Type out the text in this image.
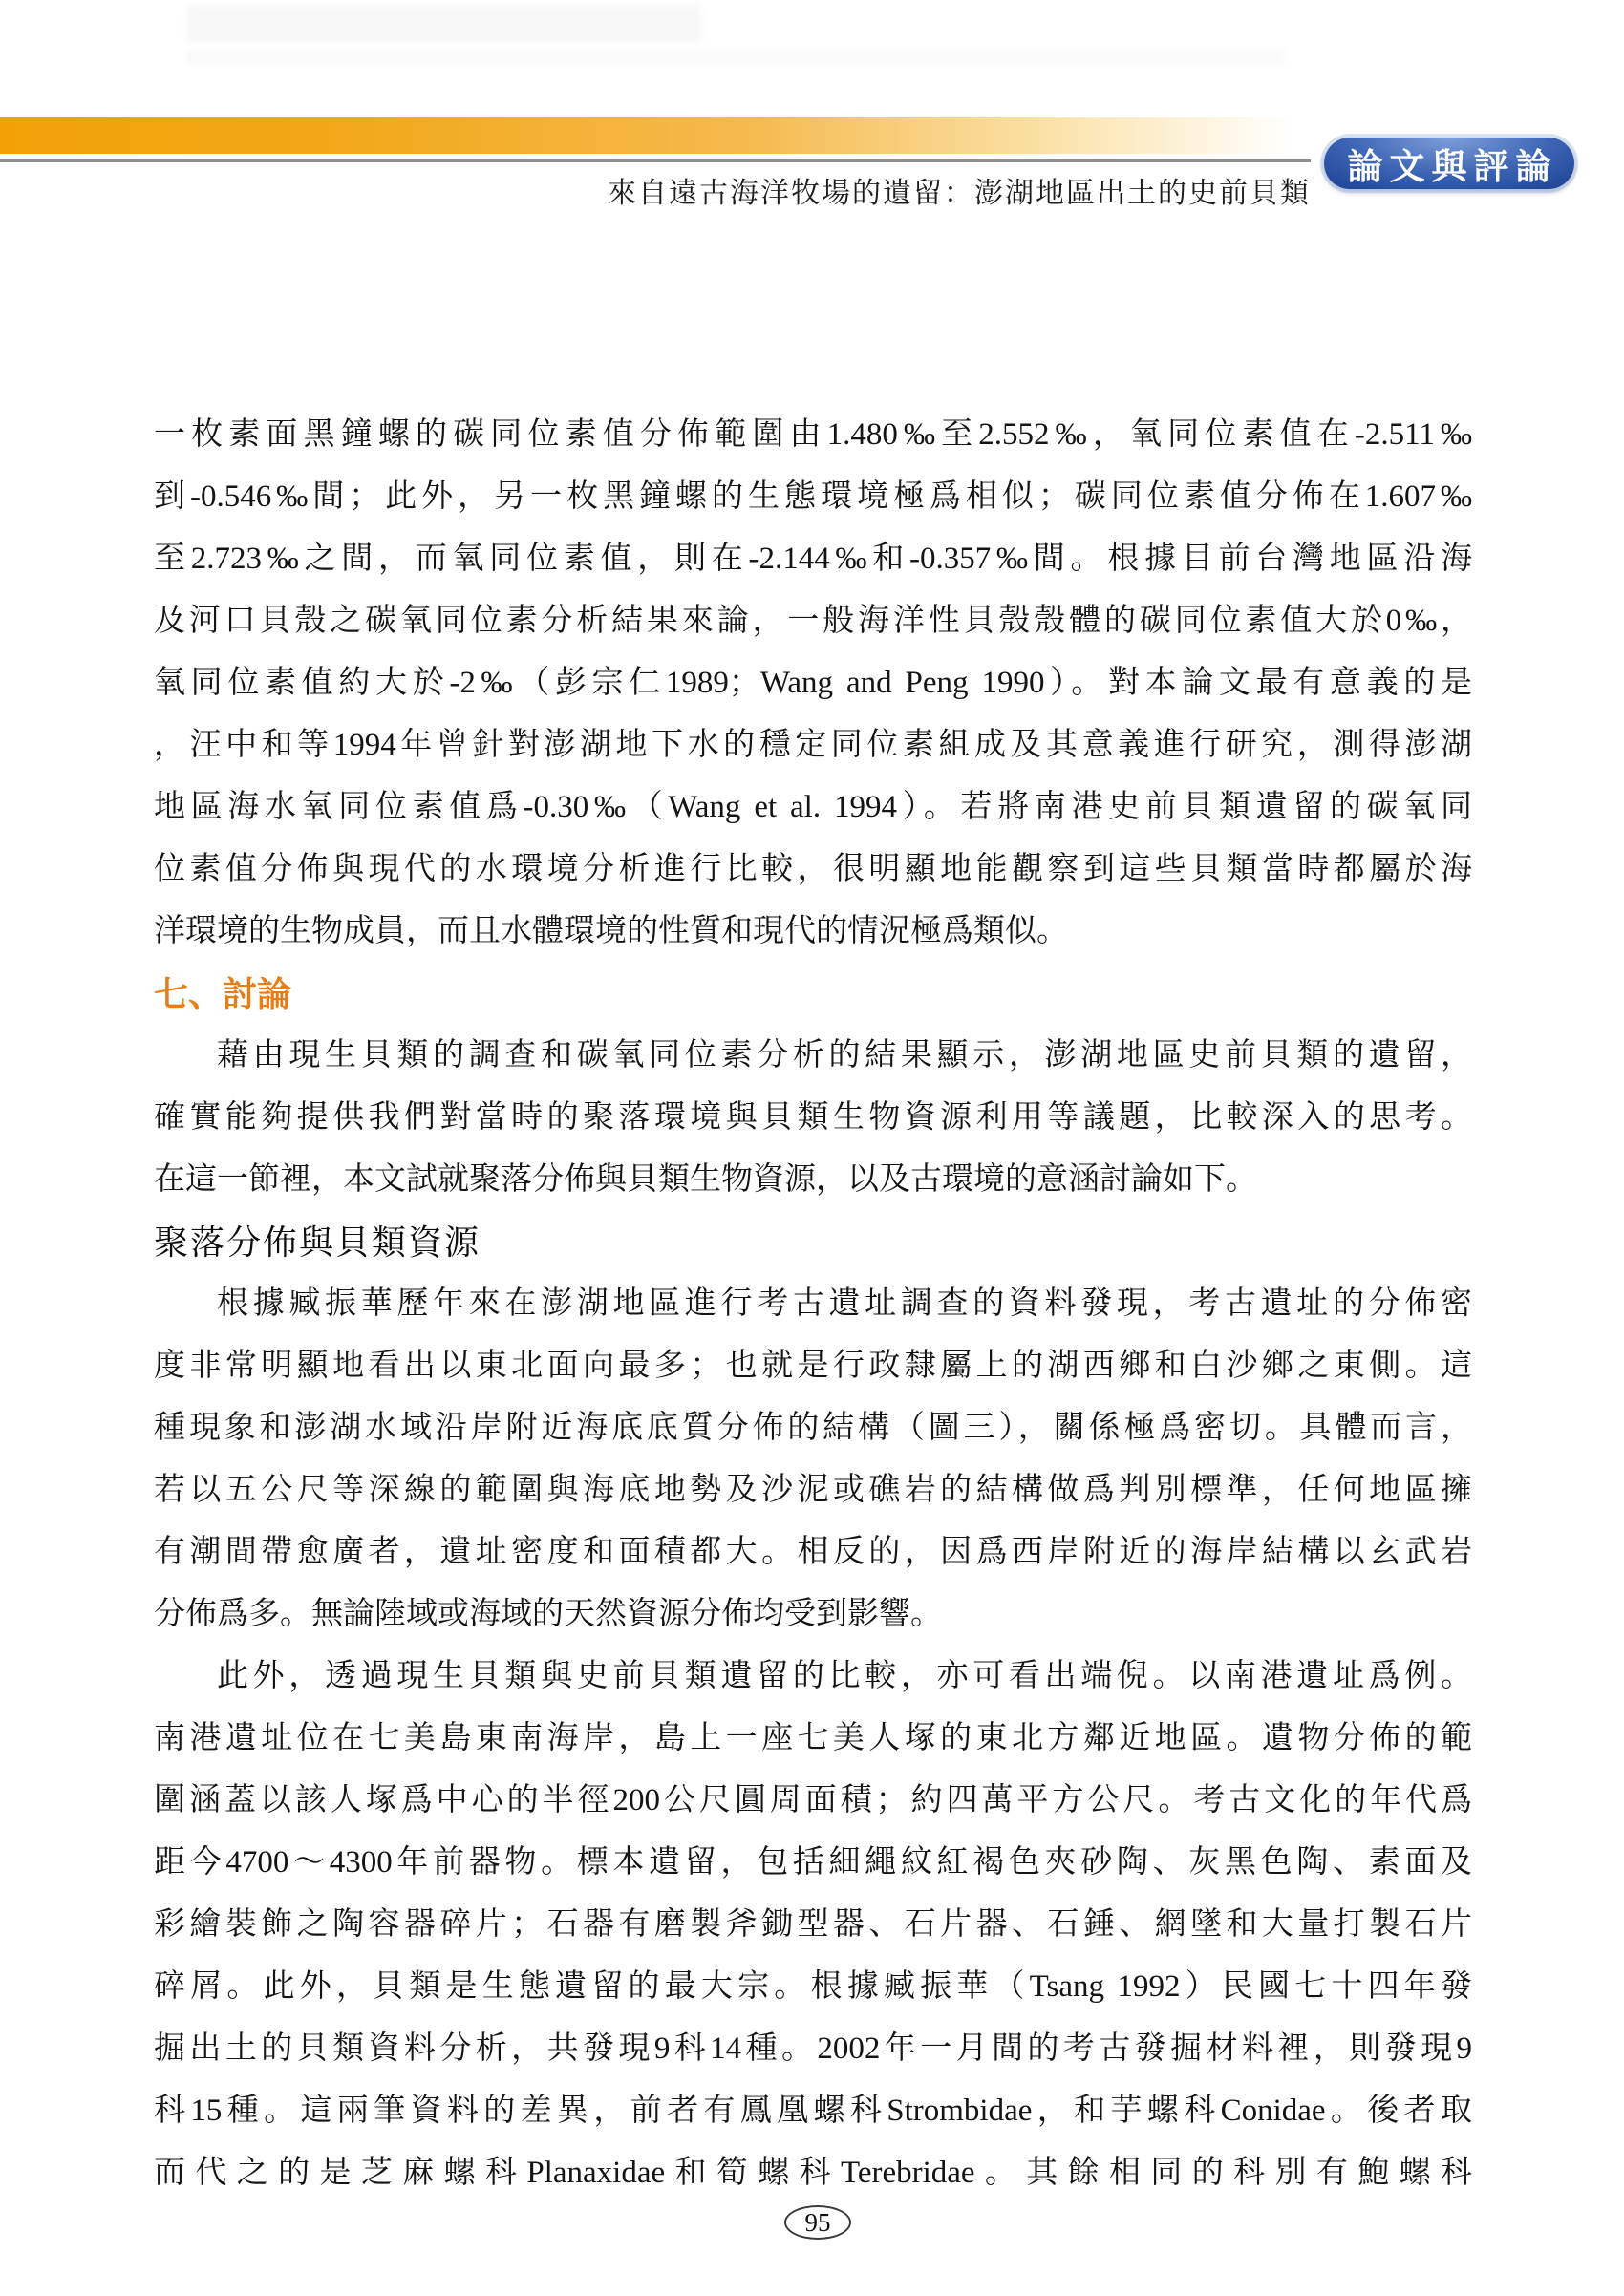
來自遠古海洋牧場的遺留：澎湖地區出土的史前貝類
論文與評論
一枚素面黑鐘螺的碳同位素值分佈範圍由1.480‰至2.552‰，氧同位素值在-2.511‰
到-0.546‰間；此外，另一枚黑鐘螺的生態環境極爲相似；碳同位素值分佈在1.607‰
至2.723‰之間，而氧同位素值，則在-2.144‰和-0.357‰間。根據目前台灣地區沿海
及河口貝殼之碳氧同位素分析結果來論，一般海洋性貝殼殼體的碳同位素值大於0‰，
氧同位素值約大於-2‰（彭宗仁1989；Wang and Peng 1990）。對本論文最有意義的是
，汪中和等1994年曾針對澎湖地下水的穩定同位素組成及其意義進行研究，測得澎湖
地區海水氧同位素值爲-0.30‰（Wang et al. 1994）。若將南港史前貝類遺留的碳氧同
位素值分佈與現代的水環境分析進行比較，很明顯地能觀察到這些貝類當時都屬於海
洋環境的生物成員，而且水體環境的性質和現代的情況極爲類似。
七、討論
藉由現生貝類的調查和碳氧同位素分析的結果顯示，澎湖地區史前貝類的遺留，
確實能夠提供我們對當時的聚落環境與貝類生物資源利用等議題，比較深入的思考。
在這一節裡，本文試就聚落分佈與貝類生物資源，以及古環境的意涵討論如下。
聚落分佈與貝類資源
根據臧振華歷年來在澎湖地區進行考古遺址調查的資料發現，考古遺址的分佈密
度非常明顯地看出以東北面向最多；也就是行政隸屬上的湖西鄉和白沙鄉之東側。這
種現象和澎湖水域沿岸附近海底底質分佈的結構（圖三），關係極爲密切。具體而言，
若以五公尺等深線的範圍與海底地勢及沙泥或礁岩的結構做爲判別標準，任何地區擁
有潮間帶愈廣者，遺址密度和面積都大。相反的，因爲西岸附近的海岸結構以玄武岩
分佈爲多。無論陸域或海域的天然資源分佈均受到影響。
此外，透過現生貝類與史前貝類遺留的比較，亦可看出端倪。以南港遺址爲例。
南港遺址位在七美島東南海岸，島上一座七美人塚的東北方鄰近地區。遺物分佈的範
圍涵蓋以該人塚爲中心的半徑200公尺圓周面積；約四萬平方公尺。考古文化的年代爲
距今4700～4300年前器物。標本遺留，包括細繩紋紅褐色夾砂陶、灰黑色陶、素面及
彩繪裝飾之陶容器碎片；石器有磨製斧鋤型器、石片器、石錘、網墜和大量打製石片
碎屑。此外，貝類是生態遺留的最大宗。根據臧振華（Tsang 1992）民國七十四年發
掘出土的貝類資料分析，共發現9科14種。2002年一月間的考古發掘材料裡，則發現9
科15種。這兩筆資料的差異，前者有鳳凰螺科Strombidae，和芋螺科Conidae。後者取
而代之的是芝麻螺科Planaxidae和筍螺科Terebridae。其餘相同的科別有鮑螺科
95
